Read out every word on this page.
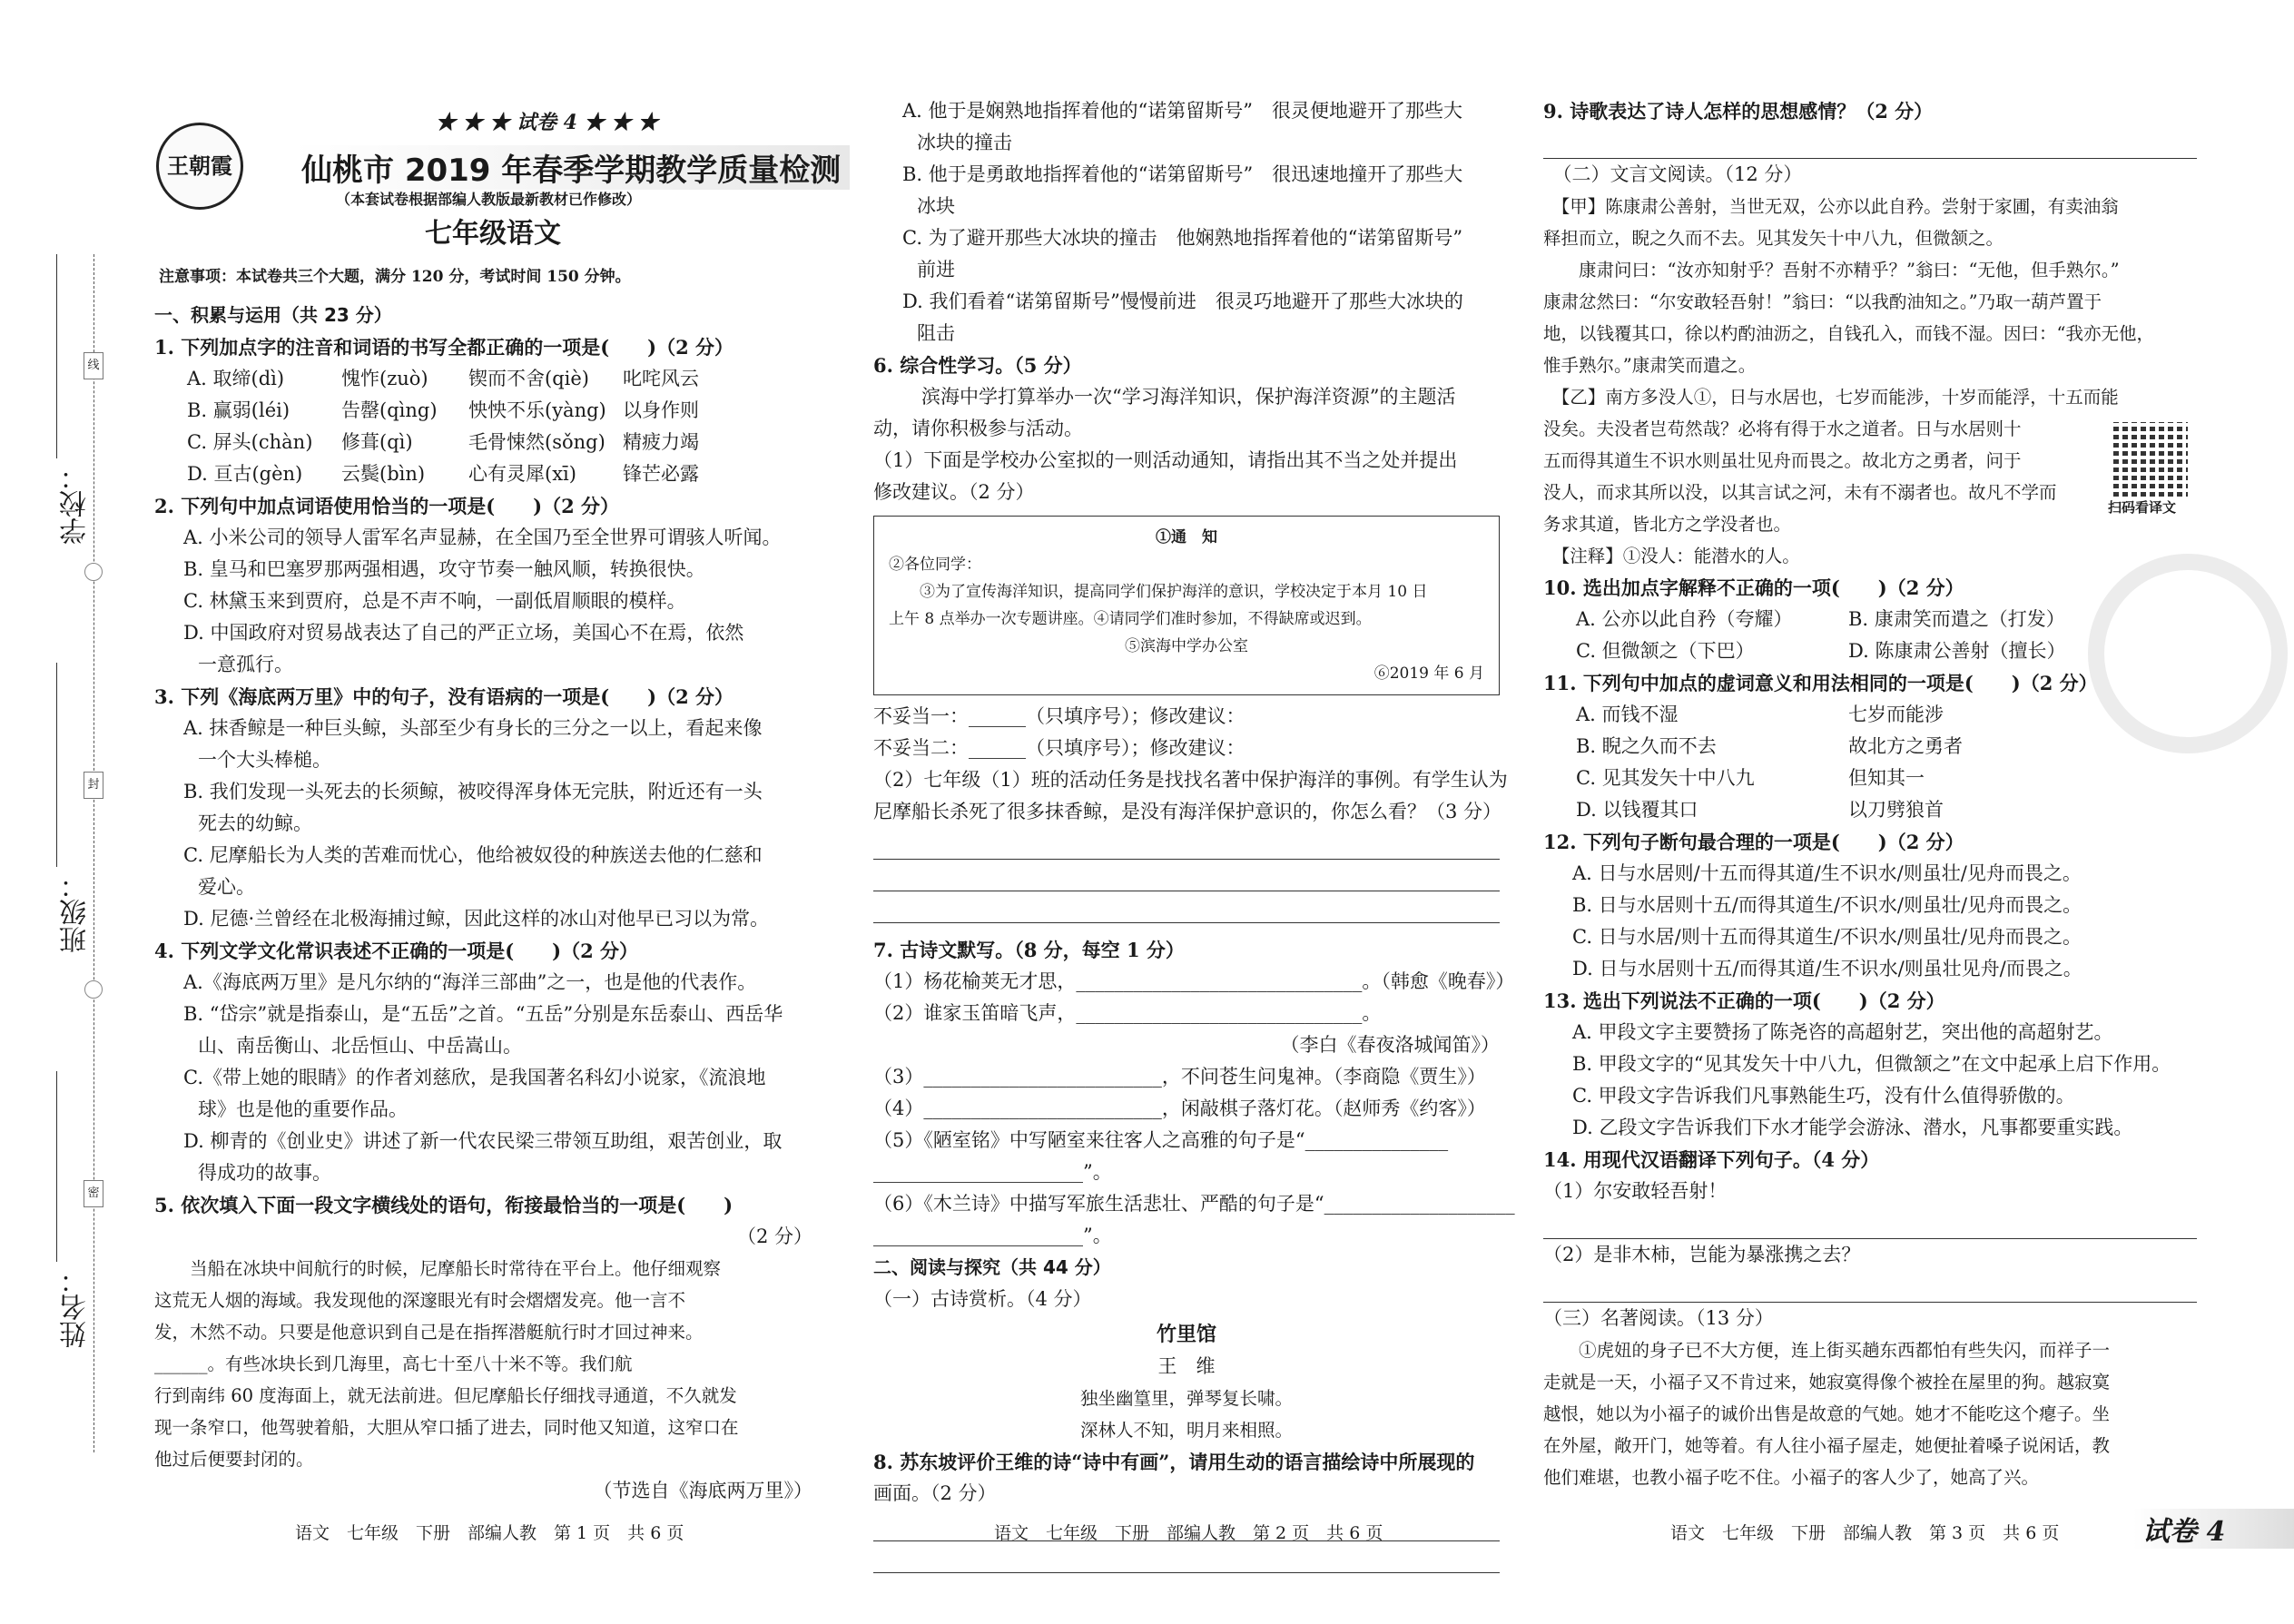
线
封
密
学校：
班级：
姓名：
王朝霞
★ ★ ★ 试卷 4 ★ ★ ★
仙桃市 2019 年春季学期教学质量检测
（本套试卷根据部编人教版最新教材已作修改）
七年级语文
注意事项：本试卷共三个大题，满分 120 分，考试时间 150 分钟。
一、积累与运用（共 23 分）
1. 下列加点字的注音和词语的书写全都正确的一项是(　　)（2 分）
A. 取缔(dì)	愧怍(zuò)	锲而不舍(qiè)	叱咤风云
B. 赢弱(léi)	告罄(qìng)	怏怏不乐(yàng) 以身作则
C. 屏头(chàn)	修葺(qì)	毛骨悚然(sǒng) 精疲力竭
D. 亘古(gèn)	云鬓(bìn)	心有灵犀(xī)	锋芒必露
2. 下列句中加点词语使用恰当的一项是(　　)（2 分）
A. 小米公司的领导人雷军名声显赫，在全国乃至全世界可谓骇人听闻。
B. 皇马和巴塞罗那两强相遇，攻守节奏一触风顺，转换很快。
C. 林黛玉来到贾府，总是不声不响，一副低眉顺眼的模样。
D. 中国政府对贸易战表达了自己的严正立场，美国心不在焉，依然
一意孤行。
3. 下列《海底两万里》中的句子，没有语病的一项是(　　)（2 分）
A. 抹香鲸是一种巨头鲸，头部至少有身长的三分之一以上，看起来像
一个大头棒槌。
B. 我们发现一头死去的长须鲸，被咬得浑身体无完肤，附近还有一头
死去的幼鲸。
C. 尼摩船长为人类的苦难而忧心，他给被奴役的种族送去他的仁慈和
爱心。
D. 尼德·兰曾经在北极海捕过鲸，因此这样的冰山对他早已习以为常。
4. 下列文学文化常识表述不正确的一项是(　　)（2 分）
A.《海底两万里》是凡尔纳的“海洋三部曲”之一，也是他的代表作。
B. “岱宗”就是指泰山，是“五岳”之首。“五岳”分别是东岳泰山、西岳华
山、南岳衡山、北岳恒山、中岳嵩山。
C.《带上她的眼睛》的作者刘慈欣，是我国著名科幻小说家，《流浪地
球》也是他的重要作品。
D. 柳青的《创业史》讲述了新一代农民梁三带领互助组，艰苦创业，取
得成功的故事。
5. 依次填入下面一段文字横线处的语句，衔接最恰当的一项是(　　)
（2 分）
　　当船在冰块中间航行的时候，尼摩船长时常待在平台上。他仔细观察
这荒无人烟的海域。我发现他的深邃眼光有时会熠熠发亮。他一言不
发，木然不动。只要是他意识到自己是在指挥潜艇航行时才回过神来。
______。有些冰块长到几海里，高七十至八十米不等。我们航
行到南纬 60 度海面上，就无法前进。但尼摩船长仔细找寻通道，不久就发
现一条窄口，他驾驶着船，大胆从窄口插了进去，同时他又知道，这窄口在
他过后便要封闭的。
（节选自《海底两万里》）
A. 他于是娴熟地指挥着他的“诺第留斯号”　很灵便地避开了那些大
冰块的撞击
B. 他于是勇敢地指挥着他的“诺第留斯号”　很迅速地撞开了那些大
冰块
C. 为了避开那些大冰块的撞击　他娴熟地指挥着他的“诺第留斯号”
前进
D. 我们看着“诺第留斯号”慢慢前进　很灵巧地避开了那些大冰块的
阻击
6. 综合性学习。（5 分）
　滨海中学打算举办一次“学习海洋知识，保护海洋资源”的主题活
动，请你积极参与活动。
（1）下面是学校办公室拟的一则活动通知，请指出其不当之处并提出
修改建议。（2 分）
①通　知
②各位同学：
　　③为了宣传海洋知识，提高同学们保护海洋的意识，学校决定于本月 10 日
上午 8 点举办一次专题讲座。④请同学们准时参加，不得缺席或迟到。
⑤滨海中学办公室
⑥2019 年 6 月
不妥当一：______（只填序号）；修改建议：
不妥当二：______（只填序号）；修改建议：
（2）七年级（1）班的活动任务是找找名著中保护海洋的事例。有学生认为
尼摩船长杀死了很多抹香鲸，是没有海洋保护意识的，你怎么看？（3 分）
7. 古诗文默写。（8 分，每空 1 分）
（1）杨花榆荚无才思，______________________________。（韩愈《晚春》）
（2）谁家玉笛暗飞声，______________________________。
（李白《春夜洛城闻笛》）
（3）_________________________，不问苍生问鬼神。（李商隐《贾生》）
（4）_________________________，闲敲棋子落灯花。（赵师秀《约客》）
（5）《陋室铭》中写陋室来往客人之高雅的句子是“_______________
______________________”。
（6）《木兰诗》中描写军旅生活悲壮、严酷的句子是“____________________
______________________”。
二、阅读与探究（共 44 分）
（一）古诗赏析。（4 分）
竹里馆
王　维
独坐幽篁里，弹琴复长啸。
深林人不知，明月来相照。
8. 苏东坡评价王维的诗“诗中有画”，请用生动的语言描绘诗中所展现的
画面。（2 分）
9. 诗歌表达了诗人怎样的思想感情？（2 分）
　（二）文言文阅读。（12 分）
　【甲】陈康肃公善射，当世无双，公亦以此自矜。尝射于家圃，有卖油翁
释担而立，睨之久而不去。见其发矢十中八九，但微颔之。
　　康肃问曰：“汝亦知射乎？吾射不亦精乎？”翁曰：“无他，但手熟尔。”
康肃忿然曰：“尔安敢轻吾射！”翁曰：“以我酌油知之。”乃取一葫芦置于
地，以钱覆其口，徐以杓酌油沥之，自钱孔入，而钱不湿。因曰：“我亦无他，
惟手熟尔。”康肃笑而遣之。
　【乙】南方多没人①，日与水居也，七岁而能涉，十岁而能浮，十五而能
没矣。夫没者岂苟然哉？必将有得于水之道者。日与水居则十
五而得其道生不识水则虽壮见舟而畏之。故北方之勇者，问于
没人，而求其所以没，以其言试之河，未有不溺者也。故凡不学而
务求其道，皆北方之学没者也。
　【注释】①没人：能潜水的人。
10. 选出加点字解释不正确的一项(　　)（2 分）
A. 公亦以此自矜（夸耀）	B. 康肃笑而遣之（打发）
C. 但微颔之（下巴）	D. 陈康肃公善射（擅长）
11. 下列句中加点的虚词意义和用法相同的一项是(　　)（2 分）
A. 而钱不湿	七岁而能涉
B. 睨之久而不去	故北方之勇者
C. 见其发矢十中八九	但知其一
D. 以钱覆其口	以刀劈狼首
12. 下列句子断句最合理的一项是(　　)（2 分）
A. 日与水居则/十五而得其道/生不识水/则虽壮/见舟而畏之。
B. 日与水居则十五/而得其道生/不识水/则虽壮/见舟而畏之。
C. 日与水居/则十五而得其道生/不识水/则虽壮/见舟而畏之。
D. 日与水居则十五/而得其道/生不识水/则虽壮见舟/而畏之。
13. 选出下列说法不正确的一项(　　)（2 分）
A. 甲段文字主要赞扬了陈尧咨的高超射艺，突出他的高超射艺。
B. 甲段文字的“见其发矢十中八九，但微颔之”在文中起承上启下作用。
C. 甲段文字告诉我们凡事熟能生巧，没有什么值得骄傲的。
D. 乙段文字告诉我们下水才能学会游泳、潜水，凡事都要重实践。
14. 用现代汉语翻译下列句子。（4 分）
（1）尔安敢轻吾射！
（2）是非木柿，岂能为暴涨携之去？
（三）名著阅读。（13 分）
　　①虎妞的身子已不大方便，连上街买趟东西都怕有些失闪，而祥子一
走就是一天，小福子又不肯过来，她寂寞得像个被拴在屋里的狗。越寂寞
越恨，她以为小福子的诚价出售是故意的气她。她才不能吃这个瘪子。坐
在外屋，敞开门，她等着。有人往小福子屋走，她便扯着嗓子说闲话，教
他们难堪，也教小福子吃不住。小福子的客人少了，她高了兴。
扫码看译文
语文　七年级　下册　部编人教　第 1 页　共 6 页	语文　七年级　下册　部编人教　第 2 页　共 6 页	语文　七年级　下册　部编人教　第 3 页　共 6 页	试卷 4
